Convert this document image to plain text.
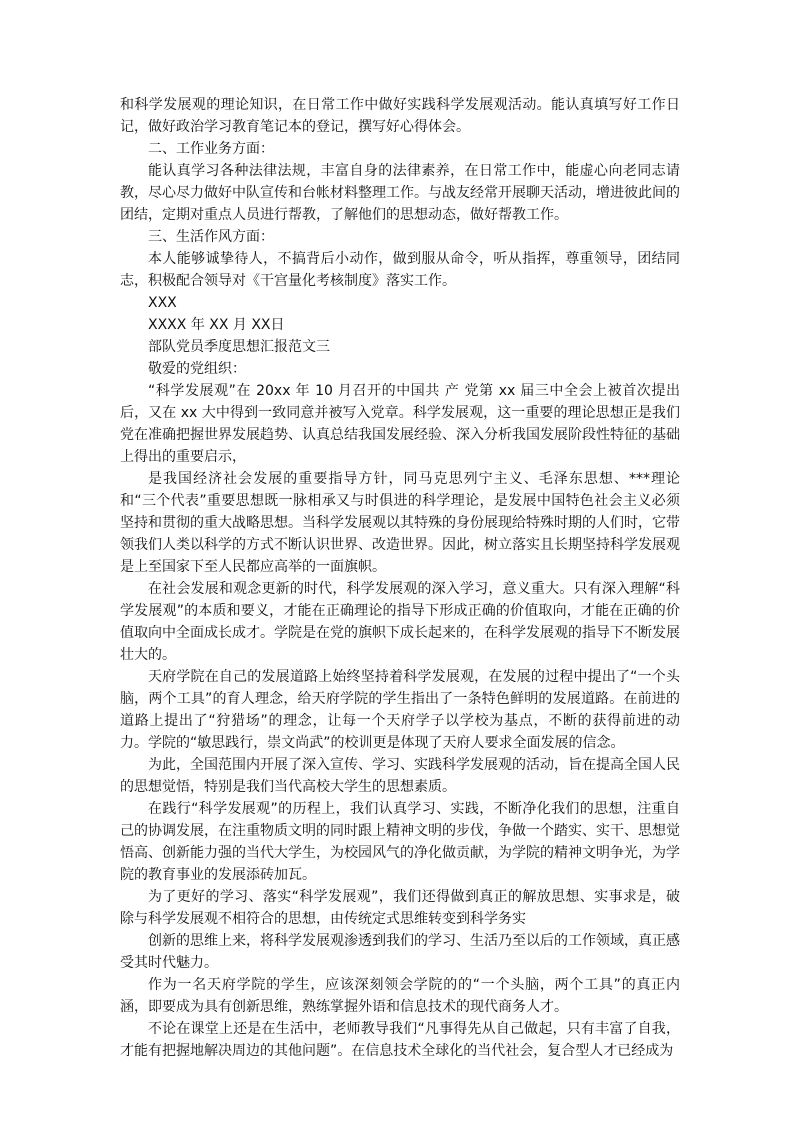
和科学发展观的理论知识，在日常工作中做好实践科学发展观活动。能认真填写好工作日记，做好政治学习教育笔记本的登记，撰写好心得体会。

二、工作业务方面：

能认真学习各种法律法规，丰富自身的法律素养，在日常工作中，能虚心向老同志请教，尽心尽力做好中队宣传和台帐材料整理工作。与战友经常开展聊天活动，增进彼此间的团结，定期对重点人员进行帮教，了解他们的思想动态，做好帮教工作。

三、生活作风方面：

本人能够诚挚待人，不搞背后小动作，做到服从命令，听从指挥，尊重领导，团结同志，积极配合领导对《干宫量化考核制度》落实工作。

XXX

XXXX 年 XX 月 XX日

部队党员季度思想汇报范文三

敬爱的党组织：

“科学发展观”在 20xx 年 10 月召开的中国共 产 党第 xx 届三中全会上被首次提出后，又在 xx 大中得到一致同意并被写入党章。科学发展观，这一重要的理论思想正是我们党在准确把握世界发展趋势、认真总结我国发展经验、深入分析我国发展阶段性特征的基础上得出的重要启示，

是我国经济社会发展的重要指导方针，同马克思列宁主义、毛泽东思想、***理论和“三个代表”重要思想既一脉相承又与时俱进的科学理论，是发展中国特色社会主义必须坚持和贯彻的重大战略思想。当科学发展观以其特殊的身份展现给特殊时期的人们时，它带领我们人类以科学的方式不断认识世界、改造世界。因此，树立落实且长期坚持科学发展观是上至国家下至人民都应高举的一面旗帜。

在社会发展和观念更新的时代，科学发展观的深入学习，意义重大。只有深入理解“科学发展观”的本质和要义，才能在正确理论的指导下形成正确的价值取向，才能在正确的价值取向中全面成长成才。学院是在党的旗帜下成长起来的，在科学发展观的指导下不断发展壮大的。

天府学院在自己的发展道路上始终坚持着科学发展观，在发展的过程中提出了“一个头脑，两个工具”的育人理念，给天府学院的学生指出了一条特色鲜明的发展道路。在前进的道路上提出了“狩猎场”的理念，让每一个天府学子以学校为基点，不断的获得前进的动力。学院的“敏思践行，崇文尚武”的校训更是体现了天府人要求全面发展的信念。

为此，全国范围内开展了深入宣传、学习、实践科学发展观的活动，旨在提高全国人民的思想觉悟，特别是我们当代高校大学生的思想素质。

在践行“科学发展观”的历程上，我们认真学习、实践，不断净化我们的思想，注重自己的协调发展，在注重物质文明的同时跟上精神文明的步伐，争做一个踏实、实干、思想觉悟高、创新能力强的当代大学生，为校园风气的净化做贡献，为学院的精神文明争光，为学院的教育事业的发展添砖加瓦。

为了更好的学习、落实“科学发展观”，我们还得做到真正的解放思想、实事求是，破除与科学发展观不相符合的思想，由传统定式思维转变到科学务实

创新的思维上来，将科学发展观渗透到我们的学习、生活乃至以后的工作领域，真正感受其时代魅力。

作为一名天府学院的学生，应该深刻领会学院的的“一个头脑，两个工具”的真正内涵，即要成为具有创新思维，熟练掌握外语和信息技术的现代商务人才。

不论在课堂上还是在生活中，老师教导我们“凡事得先从自己做起，只有丰富了自我，才能有把握地解决周边的其他问题”。在信息技术全球化的当代社会，复合型人才已经成为
